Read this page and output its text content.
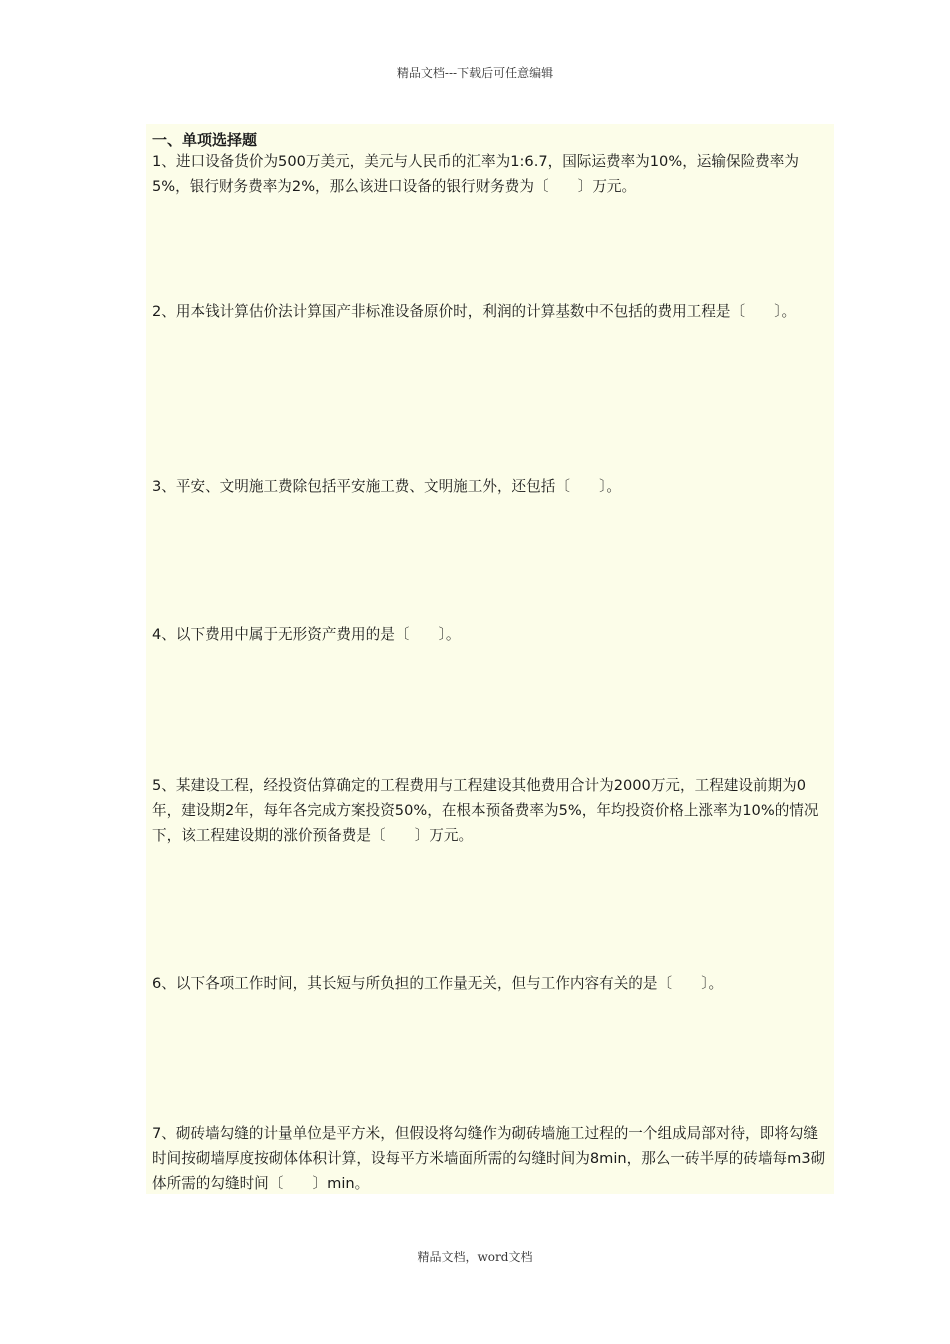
精品文档---下载后可任意编辑
一、单项选择题

1、进口设备货价为500万美元，美元与人民币的汇率为1:6.7，国际运费率为10%，运输保险费率为5%，银行财务费率为2%，那么该进口设备的银行财务费为〔　　〕万元。

2、用本钱计算估价法计算国产非标准设备原价时，利润的计算基数中不包括的费用工程是〔　　〕。

3、平安、文明施工费除包括平安施工费、文明施工外，还包括〔　　〕。

4、以下费用中属于无形资产费用的是〔　　〕。

5、某建设工程，经投资估算确定的工程费用与工程建设其他费用合计为2000万元，工程建设前期为0年，建设期2年，每年各完成方案投资50%，在根本预备费率为5%，年均投资价格上涨率为10%的情况下，该工程建设期的涨价预备费是〔　　〕万元。

6、以下各项工作时间，其长短与所负担的工作量无关，但与工作内容有关的是〔　　〕。

7、砌砖墙勾缝的计量单位是平方米，但假设将勾缝作为砌砖墙施工过程的一个组成局部对待，即将勾缝时间按砌墙厚度按砌体体积计算，设每平方米墙面所需的勾缝时间为8min，那么一砖半厚的砖墙每m3砌体所需的勾缝时间〔　　〕min。

精品文档，word文档
